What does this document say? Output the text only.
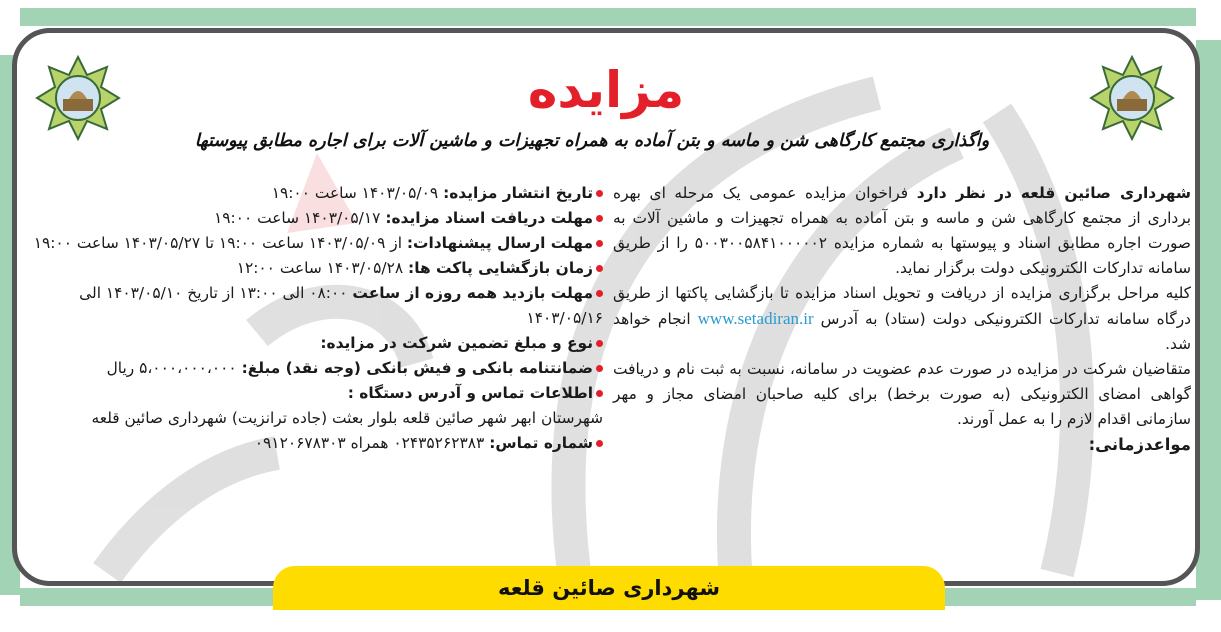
مزایده
واگذاری مجتمع کارگاهی شن و ماسه و بتن آماده به همراه تجهیزات و ماشین آلات برای اجاره مطابق پیوستها

شهرداری صائین قلعه در نظر دارد فراخوان مزایده عمومی یک مرحله ای بهره برداری از مجتمع کارگاهی شن و ماسه و بتن آماده به همراه تجهیزات و ماشین آلات به صورت اجاره مطابق اسناد و پیوستها به شماره مزایده ۵۰۰۳۰۰۵۸۴۱۰۰۰۰۰۲ را از طریق سامانه تدارکات الکترونیکی دولت برگزار نماید.

کلیه مراحل برگزاری مزایده از دریافت و تحویل اسناد مزایده تا بازگشایی پاکتها از طریق درگاه سامانه تدارکات الکترونیکی دولت (ستاد) به آدرس www.setadiran.ir انجام خواهد شد.

متقاضیان شرکت در مزایده در صورت عدم عضویت در سامانه، نسبت به ثبت نام و دریافت گواهی امضای الکترونیکی (به صورت برخط) برای کلیه صاحبان امضای مجاز و مهر سازمانی اقدام لازم را به عمل آورند.

مواعدزمانی:

تاریخ انتشار مزایده: ۱۴۰۳/۰۵/۰۹ ساعت ۱۹:۰۰

مهلت دریافت اسناد مزایده: ۱۴۰۳/۰۵/۱۷ ساعت ۱۹:۰۰

مهلت ارسال پیشنهادات: از ۱۴۰۳/۰۵/۰۹ ساعت ۱۹:۰۰ تا ۱۴۰۳/۰۵/۲۷ ساعت ۱۹:۰۰

زمان بازگشایی پاکت ها: ۱۴۰۳/۰۵/۲۸ ساعت ۱۲:۰۰

مهلت بازدید همه روزه از ساعت ۰۸:۰۰ الی ۱۳:۰۰ از تاریخ ۱۴۰۳/۰۵/۱۰ الی ۱۴۰۳/۰۵/۱۶

نوع و مبلغ تضمین شرکت در مزایده:

ضمانتنامه بانکی و فیش بانکی (وجه نقد) مبلغ: ۵،۰۰۰،۰۰۰،۰۰۰ ریال

اطلاعات تماس و آدرس دستگاه :

شهرستان ابهر شهر صائین قلعه بلوار بعثت (جاده ترانزیت) شهرداری صائین قلعه

شماره تماس: ۰۲۴۳۵۲۶۲۳۸۳ همراه ۰۹۱۲۰۶۷۸۳۰۳

شهرداری صائین قلعه
